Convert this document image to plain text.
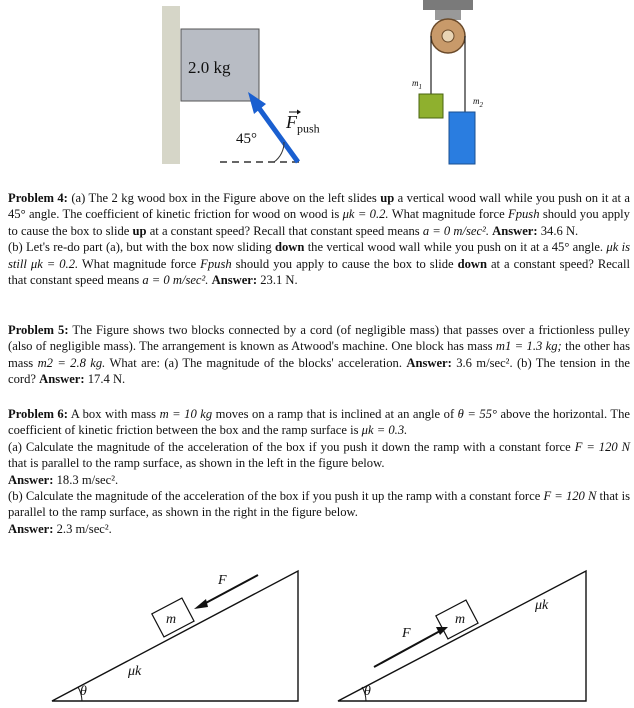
2.0 kg
45°
$F_{push}$
$m_1$
$m_2$

Problem 4: (a) The 2 kg wood box in the Figure above on the left slides up a vertical wood wall while you push on it at a 45° angle. The coefficient of kinetic friction for wood on wood is μk = 0.2. What magnitude force Fpush should you apply to cause the box to slide up at a constant speed? Recall that constant speed means a = 0 m/sec². Answer: 34.6 N.

(b) Let's re-do part (a), but with the box now sliding down the vertical wood wall while you push on it at a 45° angle. μk is still μk = 0.2. What magnitude force Fpush should you apply to cause the box to slide down at a constant speed? Recall that constant speed means a = 0 m/sec². Answer: 23.1 N.

Problem 5: The Figure shows two blocks connected by a cord (of negligible mass) that passes over a frictionless pulley (also of negligible mass). The arrangement is known as Atwood's machine. One block has mass m1 = 1.3 kg; the other has mass m2 = 2.8 kg. What are: (a) The magnitude of the blocks' acceleration. Answer: 3.6 m/sec². (b) The tension in the cord? Answer: 17.4 N.

Problem 6: A box with mass m = 10 kg moves on a ramp that is inclined at an angle of θ = 55° above the horizontal. The coefficient of kinetic friction between the box and the ramp surface is μk = 0.3.

(a) Calculate the magnitude of the acceleration of the box if you push it down the ramp with a constant force F = 120 N that is parallel to the ramp surface, as shown in the left in the figure below.

Answer: 18.3 m/sec².

(b) Calculate the magnitude of the acceleration of the box if you push it up the ramp with a constant force F = 120 N that is parallel to the ramp surface, as shown in the right in the figure below.

Answer: 2.3 m/sec².

F
m
μk
θ
F
m
μk
θ
